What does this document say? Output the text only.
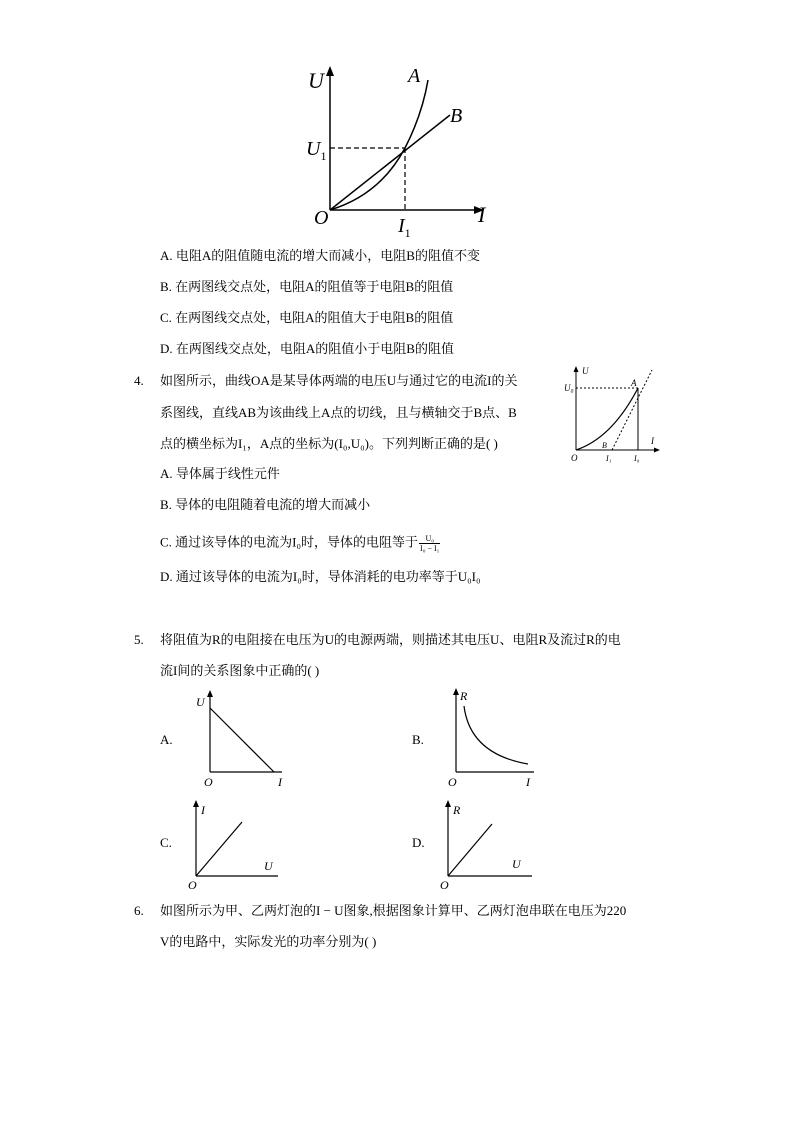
U	A
B
$U_1$
O	$I_1$
I
A. 电阻A的阻值随电流的增大而减小，电阻B的阻值不变
B. 在两图线交点处，电阻A的阻值等于电阻B的阻值
C. 在两图线交点处，电阻A的阻值大于电阻B的阻值
D. 在两图线交点处，电阻A的阻值小于电阻B的阻值
4. 如图所示，曲线OA是某导体两端的电压U与通过它的电流I的关
系图线，直线AB为该曲线上A点的切线，且与横轴交于B点、B
点的横坐标为I₁，A点的坐标为(I₀,U₀)。下列判断正确的是( )
U
U₀	A
I
O
B
I₁	I₀
A. 导体属于线性元件
B. 导体的电阻随着电流的增大而减小
C. 通过该导体的电流为I₀时，导体的电阻等于 $\frac{\text{U₀}}{\text{I₀ − I₁}}$
D. 通过该导体的电流为I₀时，导体消耗的电功率等于U₀I₀
5. 将阻值为R的电阻接在电压为U的电源两端，则描述其电压U、电阻R及流过R的电
流I间的关系图象中正确的( )
A.
U
O	I
B.
R
O	I
C.
I
O
U
D.
R
O
U
6. 如图所示为甲、乙两灯泡的I − U图象,根据图象计算甲、乙两灯泡串联在电压为220
V的电路中，实际发光的功率分别为( )
